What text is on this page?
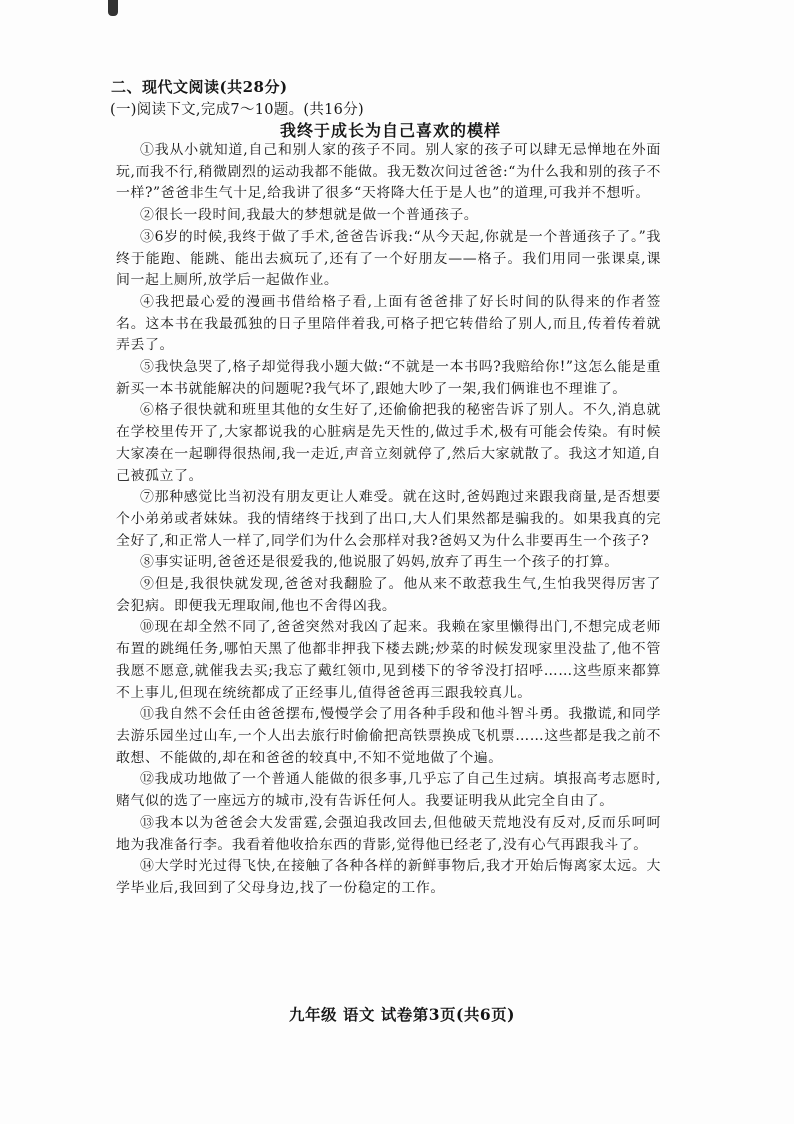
二、现代文阅读(共28分)
(一)阅读下文,完成7～10题。(共16分)
我终于成长为自己喜欢的模样

①我从小就知道,自己和别人家的孩子不同。别人家的孩子可以肆无忌惮地在外面玩,而我不行,稍微剧烈的运动我都不能做。我无数次问过爸爸:“为什么我和别的孩子不一样?”爸爸非生气十足,给我讲了很多“天将降大任于是人也”的道理,可我并不想听。

②很长一段时间,我最大的梦想就是做一个普通孩子。

③6岁的时候,我终于做了手术,爸爸告诉我:“从今天起,你就是一个普通孩子了。”我终于能跑、能跳、能出去疯玩了,还有了一个好朋友——格子。我们用同一张课桌,课间一起上厕所,放学后一起做作业。

④我把最心爱的漫画书借给格子看,上面有爸爸排了好长时间的队得来的作者签名。这本书在我最孤独的日子里陪伴着我,可格子把它转借给了别人,而且,传着传着就弄丢了。

⑤我快急哭了,格子却觉得我小题大做:“不就是一本书吗?我赔给你!”这怎么能是重新买一本书就能解决的问题呢?我气坏了,跟她大吵了一架,我们俩谁也不理谁了。

⑥格子很快就和班里其他的女生好了,还偷偷把我的秘密告诉了别人。不久,消息就在学校里传开了,大家都说我的心脏病是先天性的,做过手术,极有可能会传染。有时候大家凑在一起聊得很热闹,我一走近,声音立刻就停了,然后大家就散了。我这才知道,自己被孤立了。

⑦那种感觉比当初没有朋友更让人难受。就在这时,爸妈跑过来跟我商量,是否想要个小弟弟或者妹妹。我的情绪终于找到了出口,大人们果然都是骗我的。如果我真的完全好了,和正常人一样了,同学们为什么会那样对我?爸妈又为什么非要再生一个孩子?

⑧事实证明,爸爸还是很爱我的,他说服了妈妈,放弃了再生一个孩子的打算。

⑨但是,我很快就发现,爸爸对我翻脸了。他从来不敢惹我生气,生怕我哭得厉害了会犯病。即便我无理取闹,他也不舍得凶我。

⑩现在却全然不同了,爸爸突然对我凶了起来。我赖在家里懒得出门,不想完成老师布置的跳绳任务,哪怕天黑了他都非押我下楼去跳;炒菜的时候发现家里没盐了,他不管我愿不愿意,就催我去买;我忘了戴红领巾,见到楼下的爷爷没打招呼……这些原来都算不上事儿,但现在统统都成了正经事儿,值得爸爸再三跟我较真儿。

⑪我自然不会任由爸爸摆布,慢慢学会了用各种手段和他斗智斗勇。我撒谎,和同学去游乐园坐过山车,一个人出去旅行时偷偷把高铁票换成飞机票……这些都是我之前不敢想、不能做的,却在和爸爸的较真中,不知不觉地做了个遍。

⑫我成功地做了一个普通人能做的很多事,几乎忘了自己生过病。填报高考志愿时,赌气似的选了一座远方的城市,没有告诉任何人。我要证明我从此完全自由了。

⑬我本以为爸爸会大发雷霆,会强迫我改回去,但他破天荒地没有反对,反而乐呵呵地为我准备行李。我看着他收拾东西的背影,觉得他已经老了,没有心气再跟我斗了。

⑭大学时光过得飞快,在接触了各种各样的新鲜事物后,我才开始后悔离家太远。大学毕业后,我回到了父母身边,找了一份稳定的工作。

九年级 语文 试卷第3页(共6页)
